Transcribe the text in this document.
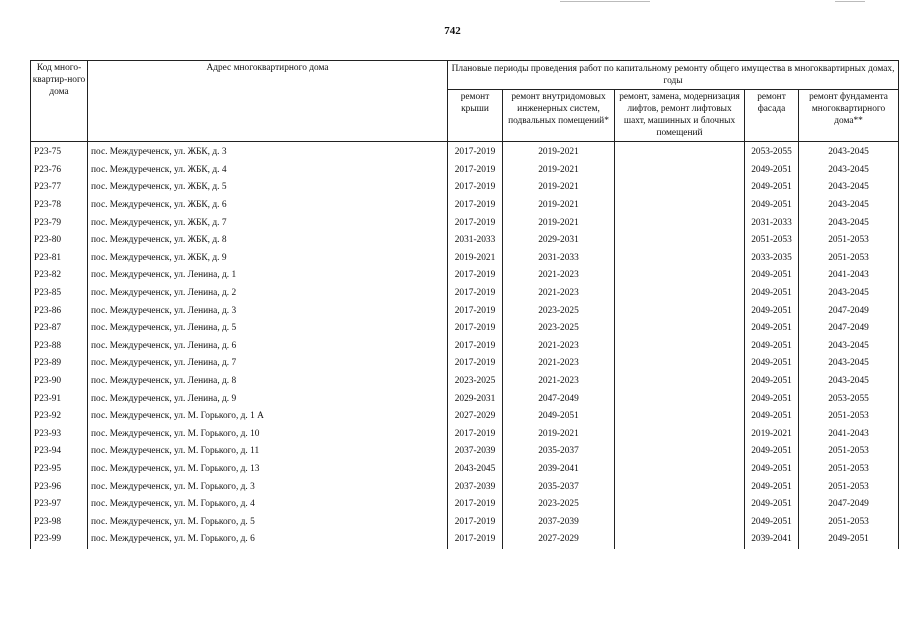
742
Код много-квартир-ного дома	Адрес многоквартирного дома	Плановые периоды проведения работ по капитальному ремонту общего имущества в многоквартирных домах, годы				
		ремонт крыши	ремонт внутридомовых инженерных систем, подвальных помещений*	ремонт, замена, модернизация лифтов, ремонт лифтовых шахт, машинных и блочных помещений	ремонт фасада	ремонт фундамента многоквартирного дома**
P23-75	пос. Междуреченск, ул. ЖБК, д. 3	2017-2019	2019-2021		2053-2055	2043-2045
P23-76	пос. Междуреченск, ул. ЖБК, д. 4	2017-2019	2019-2021		2049-2051	2043-2045
P23-77	пос. Междуреченск, ул. ЖБК, д. 5	2017-2019	2019-2021		2049-2051	2043-2045
P23-78	пос. Междуреченск, ул. ЖБК, д. 6	2017-2019	2019-2021		2049-2051	2043-2045
P23-79	пос. Междуреченск, ул. ЖБК, д. 7	2017-2019	2019-2021		2031-2033	2043-2045
P23-80	пос. Междуреченск, ул. ЖБК, д. 8	2031-2033	2029-2031		2051-2053	2051-2053
P23-81	пос. Междуреченск, ул. ЖБК, д. 9	2019-2021	2031-2033		2033-2035	2051-2053
P23-82	пос. Междуреченск, ул. Ленина, д. 1	2017-2019	2021-2023		2049-2051	2041-2043
P23-85	пос. Междуреченск, ул. Ленина, д. 2	2017-2019	2021-2023		2049-2051	2043-2045
P23-86	пос. Междуреченск, ул. Ленина, д. 3	2017-2019	2023-2025		2049-2051	2047-2049
P23-87	пос. Междуреченск, ул. Ленина, д. 5	2017-2019	2023-2025		2049-2051	2047-2049
P23-88	пос. Междуреченск, ул. Ленина, д. 6	2017-2019	2021-2023		2049-2051	2043-2045
P23-89	пос. Междуреченск, ул. Ленина, д. 7	2017-2019	2021-2023		2049-2051	2043-2045
P23-90	пос. Междуреченск, ул. Ленина, д. 8	2023-2025	2021-2023		2049-2051	2043-2045
P23-91	пос. Междуреченск, ул. Ленина, д. 9	2029-2031	2047-2049		2049-2051	2053-2055
P23-92	пос. Междуреченск, ул. М. Горького, д. 1 А	2027-2029	2049-2051		2049-2051	2051-2053
P23-93	пос. Междуреченск, ул. М. Горького, д. 10	2017-2019	2019-2021		2019-2021	2041-2043
P23-94	пос. Междуреченск, ул. М. Горького, д. 11	2037-2039	2035-2037		2049-2051	2051-2053
P23-95	пос. Междуреченск, ул. М. Горького, д. 13	2043-2045	2039-2041		2049-2051	2051-2053
P23-96	пос. Междуреченск, ул. М. Горького, д. 3	2037-2039	2035-2037		2049-2051	2051-2053
P23-97	пос. Междуреченск, ул. М. Горького, д. 4	2017-2019	2023-2025		2049-2051	2047-2049
P23-98	пос. Междуреченск, ул. М. Горького, д. 5	2017-2019	2037-2039		2049-2051	2051-2053
P23-99	пос. Междуреченск, ул. М. Горького, д. 6	2017-2019	2027-2029		2039-2041	2049-2051
